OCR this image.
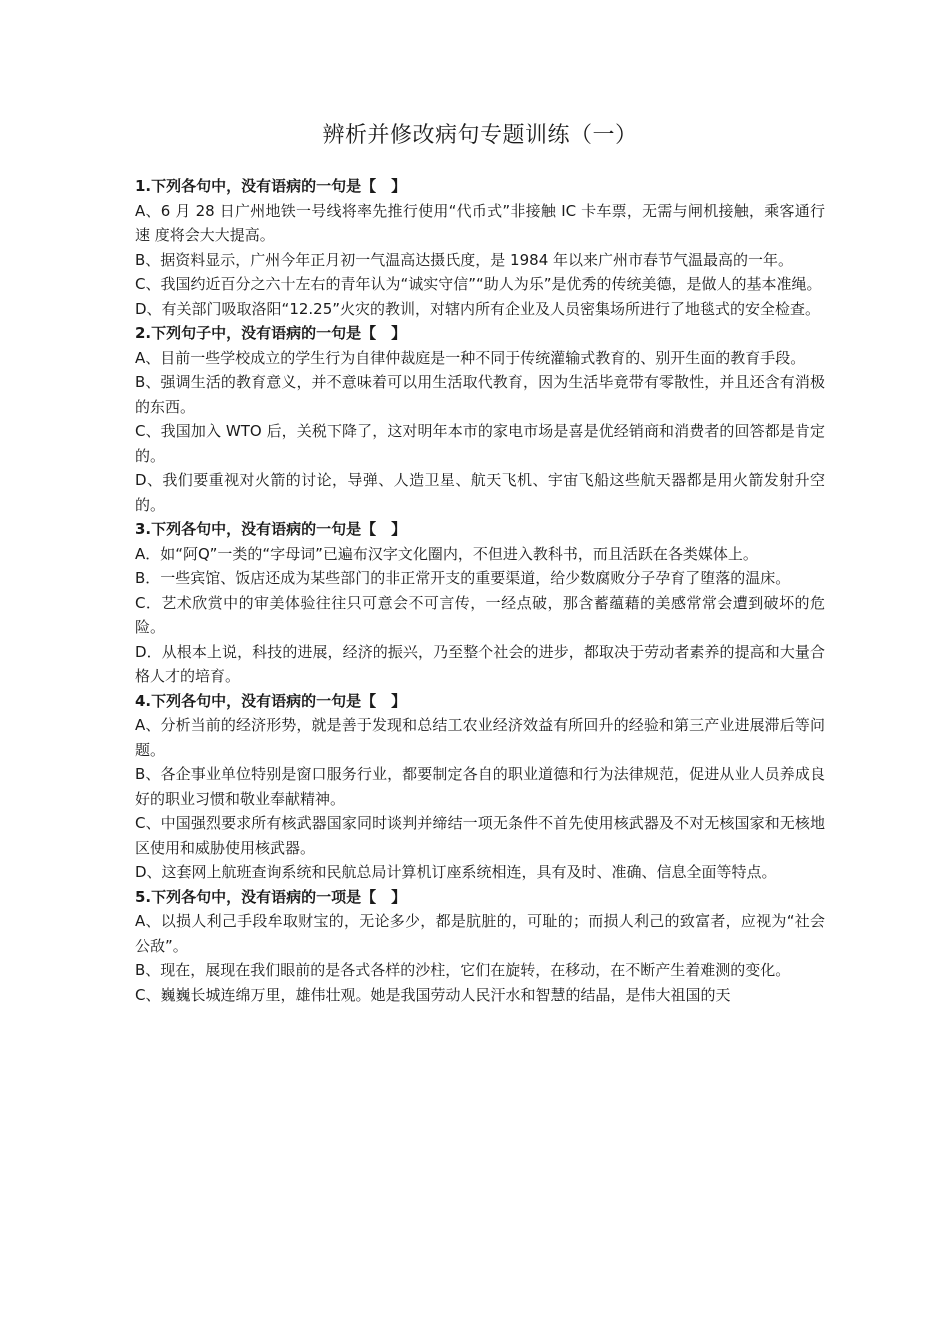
辨析并修改病句专题训练（一）

1.下列各句中，没有语病的一句是【　】

A、6 月 28 日广州地铁一号线将率先推行使用“代币式”非接触 IC 卡车票，无需与闸机接触，乘客通行速 度将会大大提高。

B、据资料显示，广州今年正月初一气温高达摄氏度，是 1984 年以来广州市春节气温最高的一年。

C、我国约近百分之六十左右的青年认为“诚实守信”“助人为乐”是优秀的传统美德，是做人的基本准绳。

D、有关部门吸取洛阳“12.25”火灾的教训，对辖内所有企业及人员密集场所进行了地毯式的安全检查。

2.下列句子中，没有语病的一句是【　】

A、目前一些学校成立的学生行为自律仲裁庭是一种不同于传统灌输式教育的、别开生面的教育手段。

B、强调生活的教育意义，并不意味着可以用生活取代教育，因为生活毕竟带有零散性，并且还含有消极的东西。

C、我国加入 WTO 后，关税下降了，这对明年本市的家电市场是喜是优经销商和消费者的回答都是肯定的。

D、我们要重视对火箭的讨论，导弹、人造卫星、航天飞机、宇宙飞船这些航天器都是用火箭发射升空的。

3.下列各句中，没有语病的一句是【　】

A．如“阿Q”一类的“字母词”已遍布汉字文化圈内，不但进入教科书，而且活跃在各类媒体上。

B．一些宾馆、饭店还成为某些部门的非正常开支的重要渠道，给少数腐败分子孕育了堕落的温床。

C．艺术欣赏中的审美体验往往只可意会不可言传，一经点破，那含蓄蕴藉的美感常常会遭到破坏的危险。

D．从根本上说，科技的进展，经济的振兴，乃至整个社会的进步，都取决于劳动者素养的提高和大量合格人才的培育。

4.下列各句中，没有语病的一句是【　】

A、分析当前的经济形势，就是善于发现和总结工农业经济效益有所回升的经验和第三产业进展滞后等问题。

B、各企事业单位特别是窗口服务行业，都要制定各自的职业道德和行为法律规范，促进从业人员养成良好的职业习惯和敬业奉献精神。

C、中国强烈要求所有核武器国家同时谈判并缔结一项无条件不首先使用核武器及不对无核国家和无核地区使用和威胁使用核武器。

D、这套网上航班查询系统和民航总局计算机订座系统相连，具有及时、准确、信息全面等特点。

5.下列各句中，没有语病的一项是【　】

A、以损人利己手段牟取财宝的，无论多少，都是肮脏的，可耻的；而损人利己的致富者，应视为“社会公敌”。

B、现在，展现在我们眼前的是各式各样的沙柱，它们在旋转，在移动，在不断产生着难测的变化。

C、巍巍长城连绵万里，雄伟壮观。她是我国劳动人民汗水和智慧的结晶，是伟大祖国的天
